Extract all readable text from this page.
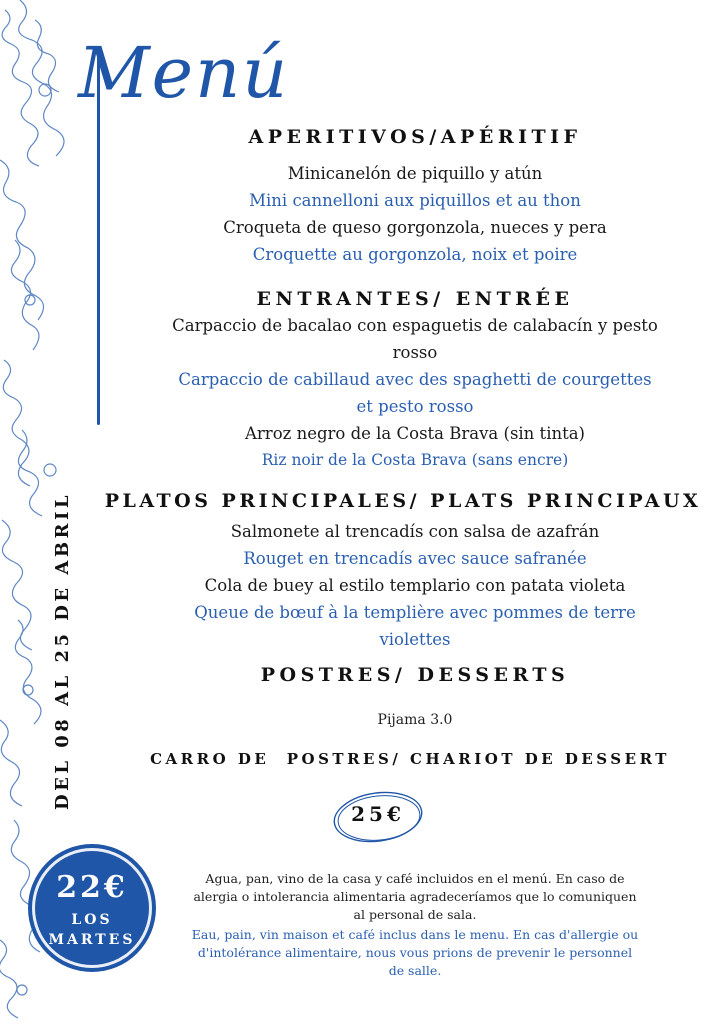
Menú
DEL 08 AL 25 DE ABRIL
22€
LOS
MARTES
APERITIVOS/APÉRITIF
Minicanelón de piquillo y atún
Mini cannelloni aux piquillos et au thon
Croqueta de queso gorgonzola, nueces y pera
Croquette au gorgonzola, noix et poire
ENTRANTES/ ENTRÉE
Carpaccio de bacalao con espaguetis de calabacín y pesto rosso
Carpaccio de cabillaud avec des spaghetti de courgettes et pesto rosso
Arroz negro de la Costa Brava (sin tinta)
Riz noir de la Costa Brava (sans encre)
PLATOS PRINCIPALES/ PLATS PRINCIPAUX
Salmonete al trencadís con salsa de azafrán
Rouget en trencadís avec sauce safranée
Cola de buey al estilo templario con patata violeta
Queue de bœuf à la templière avec pommes de terre violettes
POSTRES/ DESSERTS
Pijama 3.0
CARRO DE  POSTRES/ CHARIOT DE DESSERT
25€
Agua, pan, vino de la casa y café incluidos en el menú. En caso de alergia o intolerancia alimentaria agradeceríamos que lo comuniquen al personal de sala.
Eau, pain, vin maison et café inclus dans le menu. En cas d'allergie ou d'intolérance alimentaire, nous vous prions de prevenir le personnel de salle.
